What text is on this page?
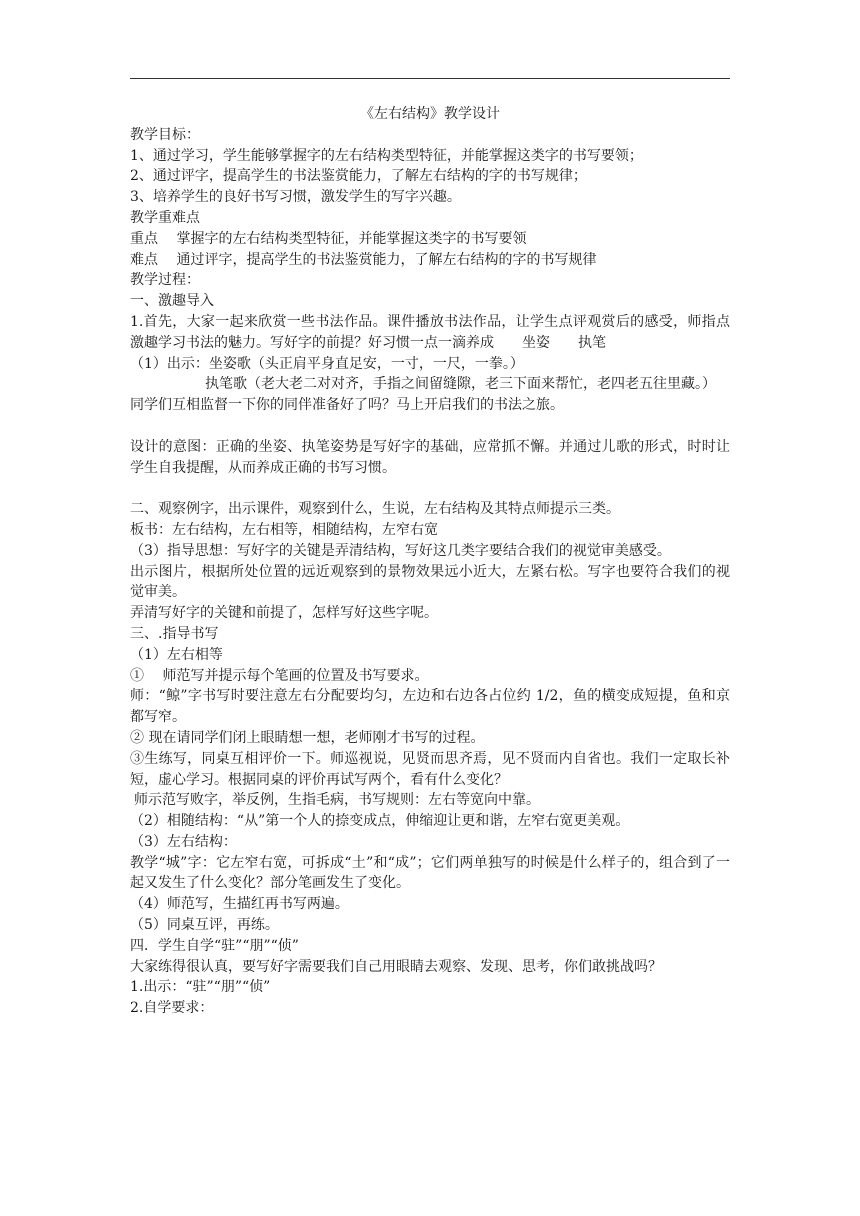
《左右结构》教学设计

教学目标：

1、通过学习，学生能够掌握字的左右结构类型特征，并能掌握这类字的书写要领；

2、通过评字，提高学生的书法鉴赏能力，了解左右结构的字的书写规律；

3、培养学生的良好书写习惯，激发学生的写字兴趣。

教学重难点

重点　 掌握字的左右结构类型特征，并能掌握这类字的书写要领

难点　 通过评字，提高学生的书法鉴赏能力，了解左右结构的字的书写规律

教学过程：

一、激趣导入

1.首先，大家一起来欣赏一些书法作品。课件播放书法作品，让学生点评观赏后的感受，师指点激趣学习书法的魅力。写好字的前提？好习惯一点一滴养成　　坐姿　　执笔

（1）出示：坐姿歌（头正肩平身直足安，一寸，一尺，一拳。）

执笔歌（老大老二对对齐，手指之间留缝隙，老三下面来帮忙，老四老五往里藏。）

同学们互相监督一下你的同伴准备好了吗？马上开启我们的书法之旅。

设计的意图：正确的坐姿、执笔姿势是写好字的基础，应常抓不懈。并通过儿歌的形式，时时让学生自我提醒，从而养成正确的书写习惯。

二、观察例字，出示课件，观察到什么，生说，左右结构及其特点师提示三类。

板书：左右结构，左右相等，相随结构，左窄右宽

（3）指导思想：写好字的关键是弄清结构，写好这几类字要结合我们的视觉审美感受。

出示图片，根据所处位置的远近观察到的景物效果远小近大，左紧右松。写字也要符合我们的视觉审美。

弄清写好字的关键和前提了，怎样写好这些字呢。

三、.指导书写

（1）左右相等

①　 师范写并提示每个笔画的位置及书写要求。

师：“鲸”字书写时要注意左右分配要均匀，左边和右边各占位约 1/2，鱼的横变成短提，鱼和京都写窄。

② 现在请同学们闭上眼睛想一想，老师刚才书写的过程。

③生练写，同桌互相评价一下。师巡视说，见贤而思齐焉，见不贤而内自省也。我们一定取长补短，虚心学习。根据同桌的评价再试写两个，看有什么变化？

师示范写败字，举反例，生指毛病，书写规则：左右等宽向中靠。

（2）相随结构：“从”第一个人的捺变成点，伸缩迎让更和谐，左窄右宽更美观。

（3）左右结构：

教学“城”字：它左窄右宽，可拆成“土”和“成”；它们两单独写的时候是什么样子的，组合到了一起又发生了什么变化？部分笔画发生了变化。

（4）师范写，生描红再书写两遍。

（5）同桌互评，再练。

四．学生自学“驻”“朋”“侦”

大家练得很认真，要写好字需要我们自己用眼睛去观察、发现、思考，你们敢挑战吗？

1.出示：“驻”“朋”“侦”

2.自学要求：
